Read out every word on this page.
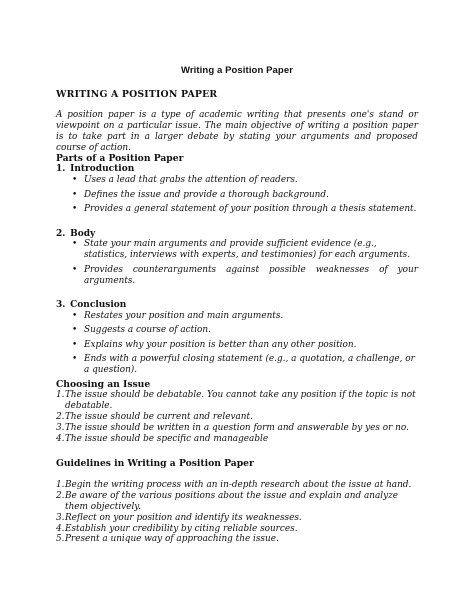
Writing a Position Paper

WRITING A POSITION PAPER

A position paper is a type of academic writing that presents one's stand or viewpoint on a particular issue. The main objective of writing a position paper is to take part in a larger debate by stating your arguments and proposed course of action.

Parts of a Position Paper

1. Introduction

• Uses a lead that grabs the attention of readers.
• Defines the issue and provide a thorough background.
• Provides a general statement of your position through a thesis statement.

2. Body

• State your main arguments and provide sufficient evidence (e.g., statistics, interviews with experts, and testimonies) for each arguments.
• Provides counterarguments against possible weaknesses of your arguments.

3. Conclusion

• Restates your position and main arguments.
• Suggests a course of action.
• Explains why your position is better than any other position.
• Ends with a powerful closing statement (e.g., a quotation, a challenge, or a question).

Choosing an Issue

1. The issue should be debatable. You cannot take any position if the topic is not debatable.
2. The issue should be current and relevant.
3. The issue should be written in a question form and answerable by yes or no.
4. The issue should be specific and manageable

Guidelines in Writing a Position Paper

1. Begin the writing process with an in-depth research about the issue at hand.
2. Be aware of the various positions about the issue and explain and analyze them objectively.
3. Reflect on your position and identify its weaknesses.
4. Establish your credibility by citing reliable sources.
5. Present a unique way of approaching the issue.
